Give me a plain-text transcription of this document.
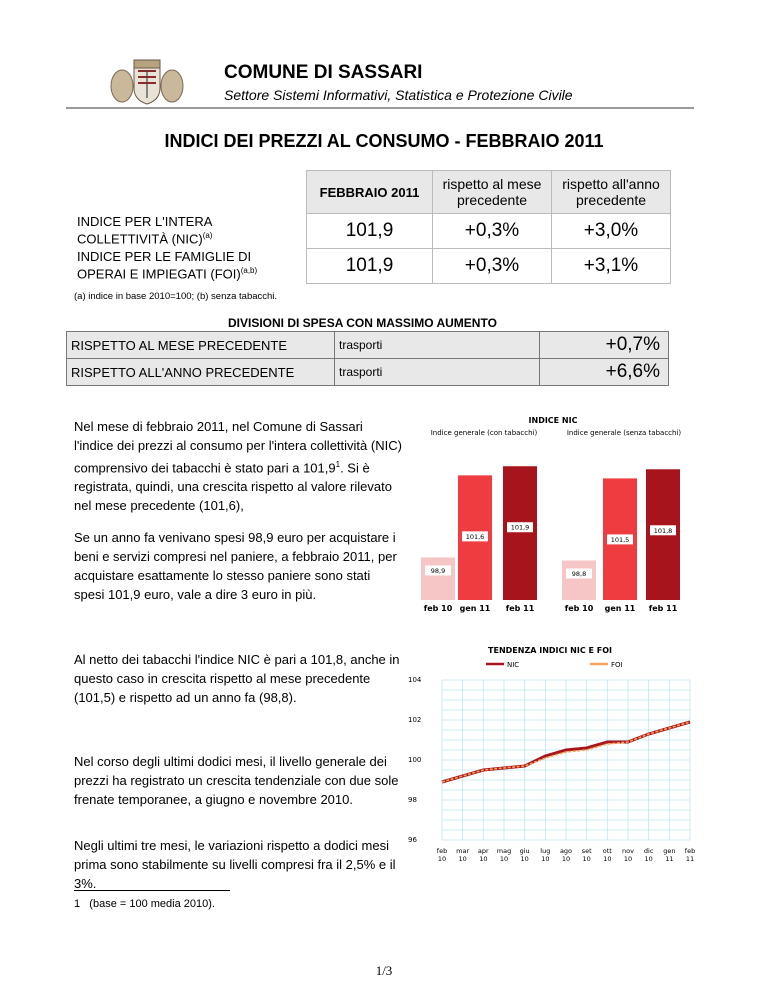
COMUNE DI SASSARI
Settore Sistemi Informativi, Statistica e Protezione Civile
INDICI DEI PREZZI AL CONSUMO - FEBBRAIO 2011
	FEBBRAIO 2011	rispetto al mese precedente	rispetto all'anno precedente
INDICE PER L'INTERA
COLLETTIVITÀ (NIC)$^{(a)}$	101,9	+0,3%	+3,0%
INDICE PER LE FAMIGLIE DI
OPERAI E IMPIEGATI (FOI)$^{(a,b)}$	101,9	+0,3%	+3,1%
(a) indice in base 2010=100; (b) senza tabacchi.
DIVISIONI DI SPESA CON MASSIMO AUMENTO
RISPETTO AL MESE PRECEDENTE	trasporti	+0,7%
RISPETTO ALL'ANNO PRECEDENTE	trasporti	+6,6%
Nel mese di febbraio 2011, nel Comune di Sassari l'indice dei prezzi al consumo per l'intera collettività (NIC) comprensivo dei tabacchi è stato pari a 101,9$^1$. Si è registrata, quindi, una crescita rispetto al valore rilevato nel mese precedente (101,6),
Se un anno fa venivano spesi 98,9 euro per acquistare i beni e servizi compresi nel paniere, a febbraio 2011, per acquistare esattamente lo stesso paniere sono stati spesi 101,9 euro, vale a dire 3 euro in più.
Al netto dei tabacchi l'indice NIC è pari a 101,8, anche in questo caso in crescita rispetto al mese precedente (101,5) e rispetto ad un anno fa (98,8).
Nel corso degli ultimi dodici mesi, il livello generale dei prezzi ha registrato un crescita tendenziale con due sole frenate temporanee, a giugno e novembre 2010.
Negli ultimi tre mesi, le variazioni rispetto a dodici mesi prima sono stabilmente su livelli compresi fra il 2,5% e il 3%.
1 (base = 100 media 2010).
1/3
INDICE NIC
Indice generale (con tabacchi)	Indice generale (senza tabacchi)
98,9
feb 10
101,6
gen 11
101,9
feb 11
98,8
feb 10
101,5
gen 11
101,8
feb 11
TENDENZA INDICI NIC E FOI
NIC	FOI
feb
10
mar
10
apr
10
mag
10
giu
10
lug
10
ago
10
set
10
ott
10
nov
10
dic
10
gen
11
feb
11
96
98
100
102
104
